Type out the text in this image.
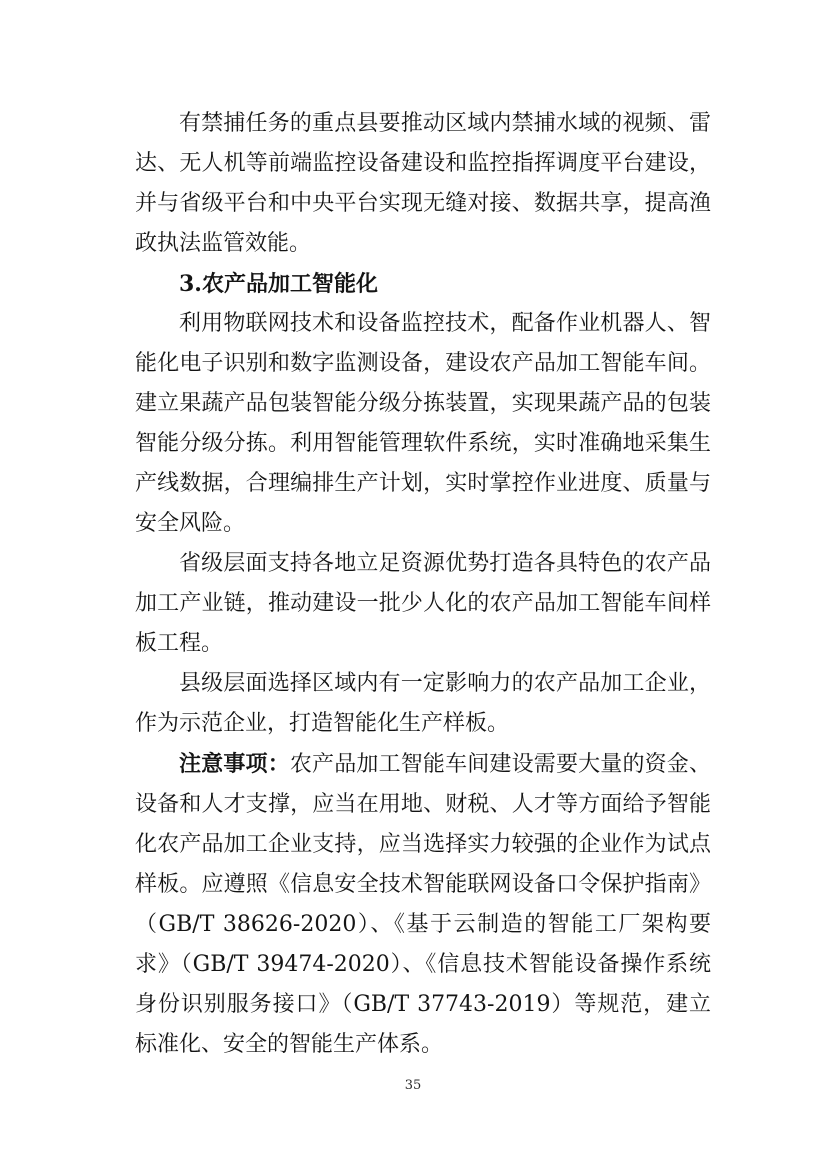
有禁捕任务的重点县要推动区域内禁捕水域的视频、雷达、无人机等前端监控设备建设和监控指挥调度平台建设，并与省级平台和中央平台实现无缝对接、数据共享，提高渔政执法监管效能。

3.农产品加工智能化

利用物联网技术和设备监控技术，配备作业机器人、智能化电子识别和数字监测设备，建设农产品加工智能车间。建立果蔬产品包装智能分级分拣装置，实现果蔬产品的包装智能分级分拣。利用智能管理软件系统，实时准确地采集生产线数据，合理编排生产计划，实时掌控作业进度、质量与安全风险。

省级层面支持各地立足资源优势打造各具特色的农产品加工产业链，推动建设一批少人化的农产品加工智能车间样板工程。

县级层面选择区域内有一定影响力的农产品加工企业，作为示范企业，打造智能化生产样板。

注意事项：农产品加工智能车间建设需要大量的资金、设备和人才支撑，应当在用地、财税、人才等方面给予智能化农产品加工企业支持，应当选择实力较强的企业作为试点样板。应遵照《信息安全技术智能联网设备口令保护指南》（GB/T 38626-2020）、《基于云制造的智能工厂架构要求》（GB/T 39474-2020）、《信息技术智能设备操作系统身份识别服务接口》（GB/T 37743-2019）等规范，建立标准化、安全的智能生产体系。

35
